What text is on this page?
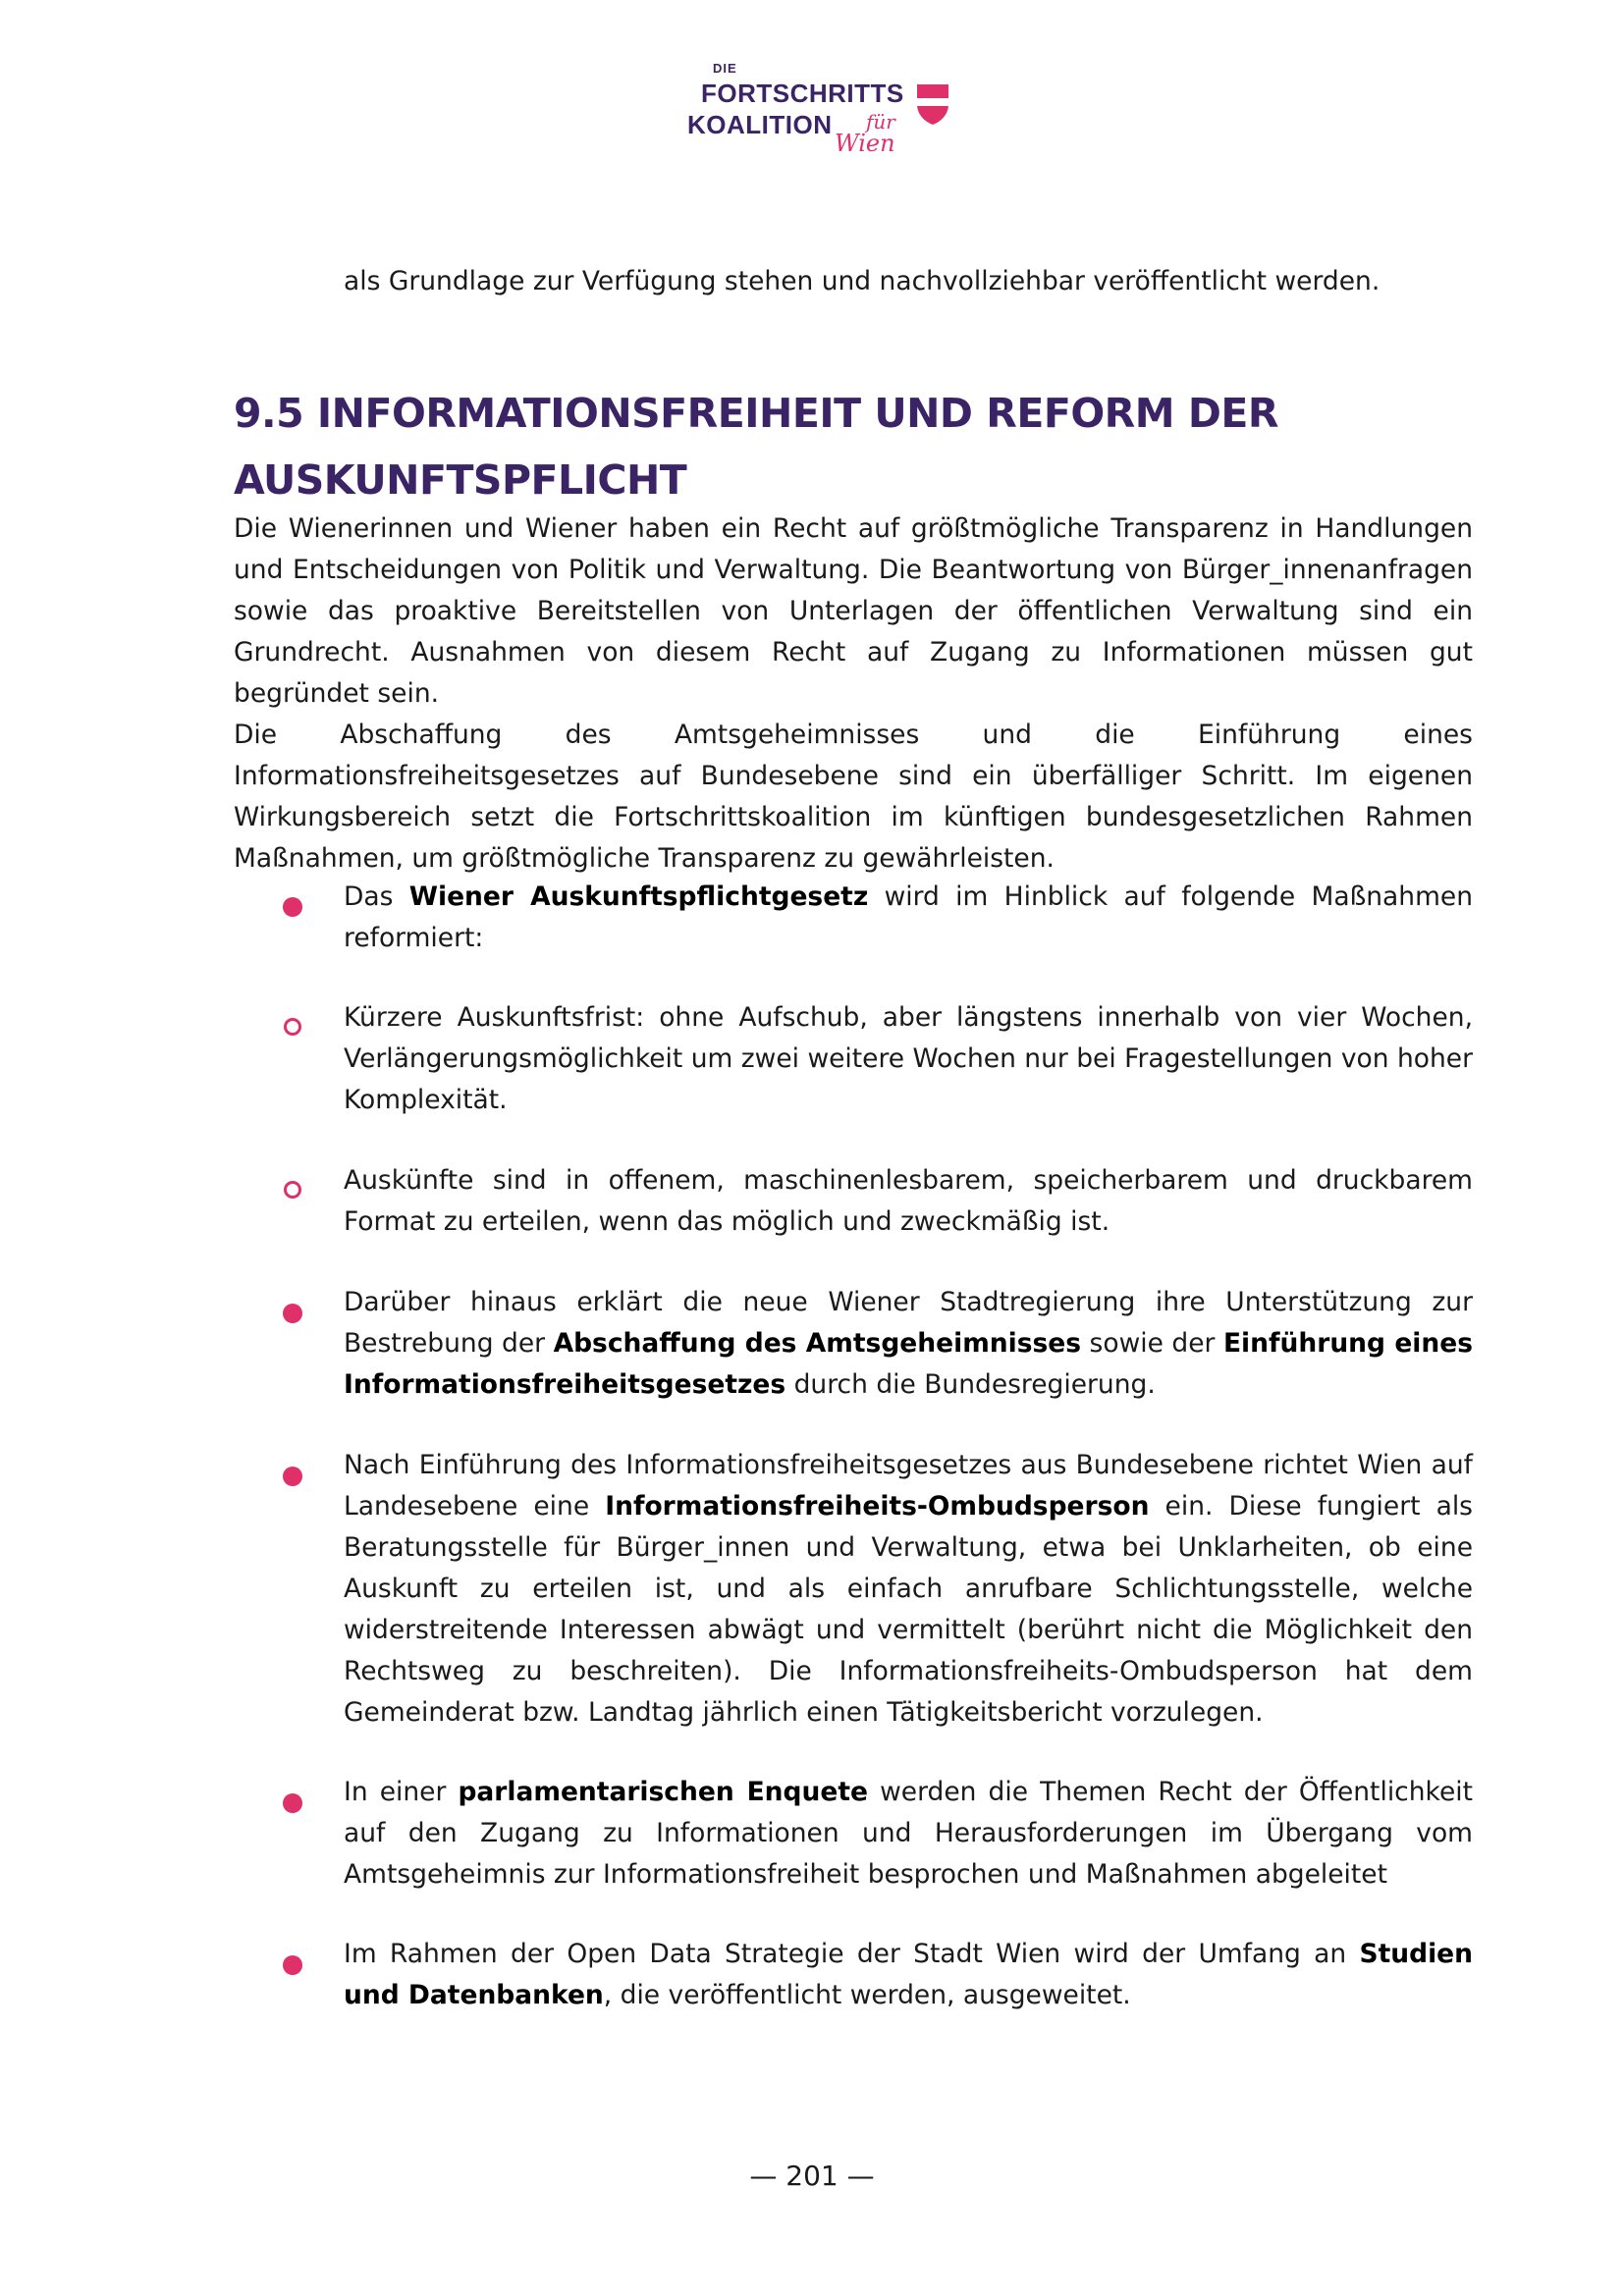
DIE
FORTSCHRITTS
KOALITION für
Wien

als Grundlage zur Verfügung stehen und nachvollziehbar veröffentlicht werden.

9.5 INFORMATIONSFREIHEIT UND REFORM DER AUSKUNFTSPFLICHT
Die Wienerinnen und Wiener haben ein Recht auf größtmögliche Transparenz in Handlungen und Entscheidungen von Politik und Verwaltung. Die Beantwortung von Bürger_innenanfragen sowie das proaktive Bereitstellen von Unterlagen der öffentlichen Verwaltung sind ein Grundrecht. Ausnahmen von diesem Recht auf Zugang zu Informationen müssen gut begründet sein.
Die Abschaffung des Amtsgeheimnisses und die Einführung eines Informationsfreiheitsgesetzes auf Bundesebene sind ein überfälliger Schritt. Im eigenen Wirkungsbereich setzt die Fortschrittskoalition im künftigen bundesgesetzlichen Rahmen Maßnahmen, um größtmögliche Transparenz zu gewährleisten.

Das Wiener Auskunftspflichtgesetz wird im Hinblick auf folgende Maßnahmen reformiert:

Kürzere Auskunftsfrist: ohne Aufschub, aber längstens innerhalb von vier Wochen, Verlängerungsmöglichkeit um zwei weitere Wochen nur bei Fragestellungen von hoher Komplexität.

Auskünfte sind in offenem, maschinenlesbarem, speicherbarem und druckbarem Format zu erteilen, wenn das möglich und zweckmäßig ist.

Darüber hinaus erklärt die neue Wiener Stadtregierung ihre Unterstützung zur Bestrebung der Abschaffung des Amtsgeheimnisses sowie der Einführung eines Informationsfreiheitsgesetzes durch die Bundesregierung.

Nach Einführung des Informationsfreiheitsgesetzes aus Bundesebene richtet Wien auf Landesebene eine Informationsfreiheits-Ombudsperson ein. Diese fungiert als Beratungsstelle für Bürger_innen und Verwaltung, etwa bei Unklarheiten, ob eine Auskunft zu erteilen ist, und als einfach anrufbare Schlichtungsstelle, welche widerstreitende Interessen abwägt und vermittelt (berührt nicht die Möglichkeit den Rechtsweg zu beschreiten). Die Informationsfreiheits-Ombudsperson hat dem Gemeinderat bzw. Landtag jährlich einen Tätigkeitsbericht vorzulegen.

In einer parlamentarischen Enquete werden die Themen Recht der Öffentlichkeit auf den Zugang zu Informationen und Herausforderungen im Übergang vom Amtsgeheimnis zur Informationsfreiheit besprochen und Maßnahmen abgeleitet

Im Rahmen der Open Data Strategie der Stadt Wien wird der Umfang an Studien und Datenbanken, die veröffentlicht werden, ausgeweitet.

— 201 —
